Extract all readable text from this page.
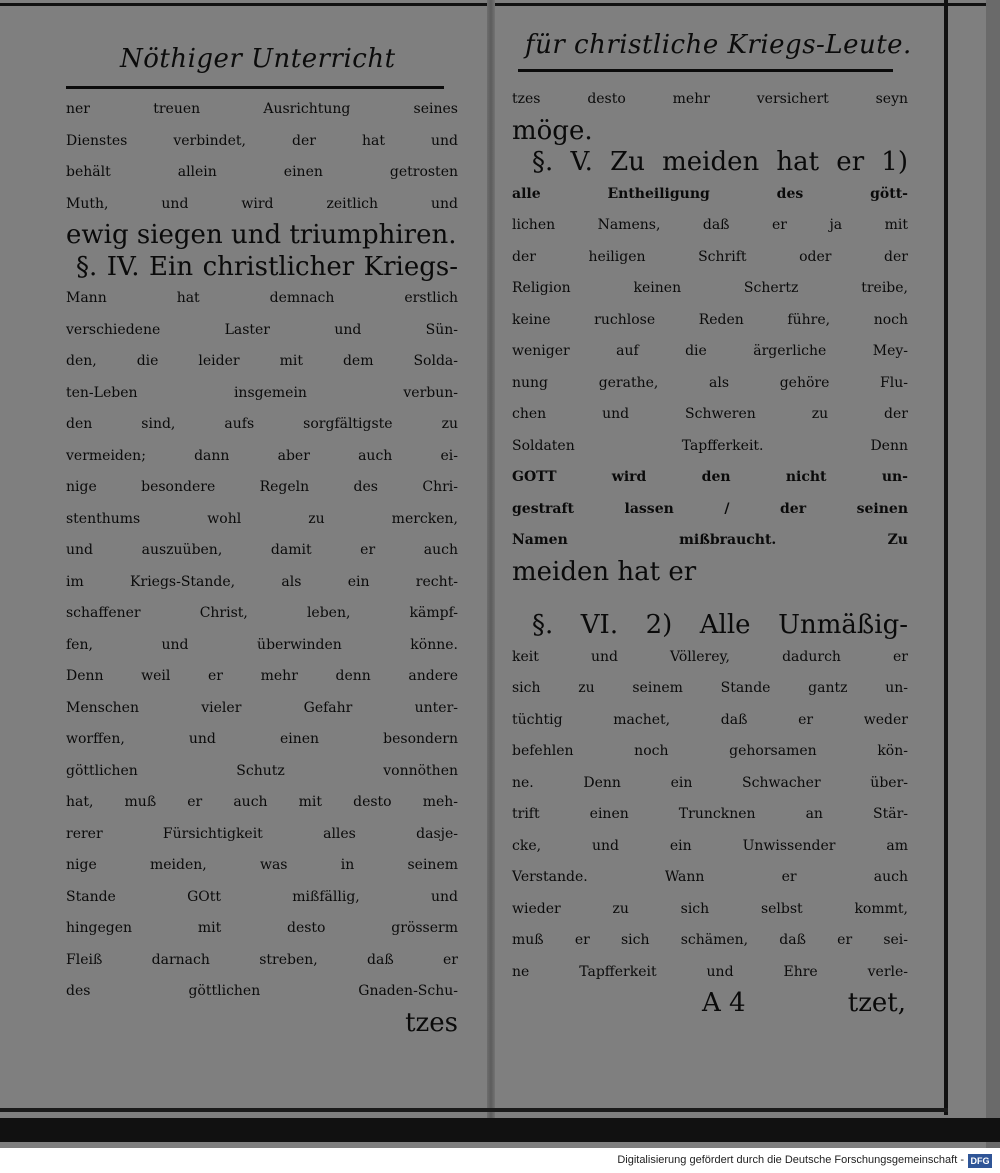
Nöthiger Unterricht	für christliche Kriegs-Leute.
ner treuen Ausrichtung seines
Dienstes verbindet, der hat und
behält allein einen getrosten
Muth, und wird zeitlich und
ewig siegen und triumphiren.
§. IV. Ein christlicher Kriegs-
Mann hat demnach erstlich
verschiedene Laster und Sün-
den, die leider mit dem Solda-
ten-Leben insgemein verbun-
den sind, aufs sorgfältigste zu
vermeiden; dann aber auch ei-
nige besondere Regeln des Chri-
stenthums wohl zu mercken,
und auszuüben, damit er auch
im Kriegs-Stande, als ein recht-
schaffener Christ, leben, kämpf-
fen, und überwinden könne.
Denn weil er mehr denn andere
Menschen vieler Gefahr unter-
worffen, und einen besondern
göttlichen Schutz vonnöthen
hat, muß er auch mit desto meh-
rerer Fürsichtigkeit alles dasje-
nige meiden, was in seinem
Stande GOtt mißfällig, und
hingegen mit desto grösserm
Fleiß darnach streben, daß er
des göttlichen Gnaden-Schu-
tzes
tzes desto mehr versichert seyn
möge.
§. V. Zu meiden hat er 1)
alle Entheiligung des gött-
lichen Namens, daß er ja mit
der heiligen Schrift oder der
Religion keinen Schertz treibe,
keine ruchlose Reden führe, noch
weniger auf die ärgerliche Mey-
nung gerathe, als gehöre Flu-
chen und Schweren zu der
Soldaten Tapfferkeit. Denn
GOTT wird den nicht un-
gestraft lassen / der seinen
Namen mißbraucht. Zu
meiden hat er
§. VI. 2) Alle Unmäßig-
keit und Völlerey, dadurch er
sich zu seinem Stande gantz un-
tüchtig machet, daß er weder
befehlen noch gehorsamen kön-
ne. Denn ein Schwacher über-
trift einen Truncknen an Stär-
cke, und ein Unwissender am
Verstande. Wann er auch
wieder zu sich selbst kommt,
muß er sich schämen, daß er sei-
ne Tapfferkeit und Ehre verle-
A 4	tzet,
Digitalisierung gefördert durch die Deutsche Forschungsgemeinschaft - DFG
